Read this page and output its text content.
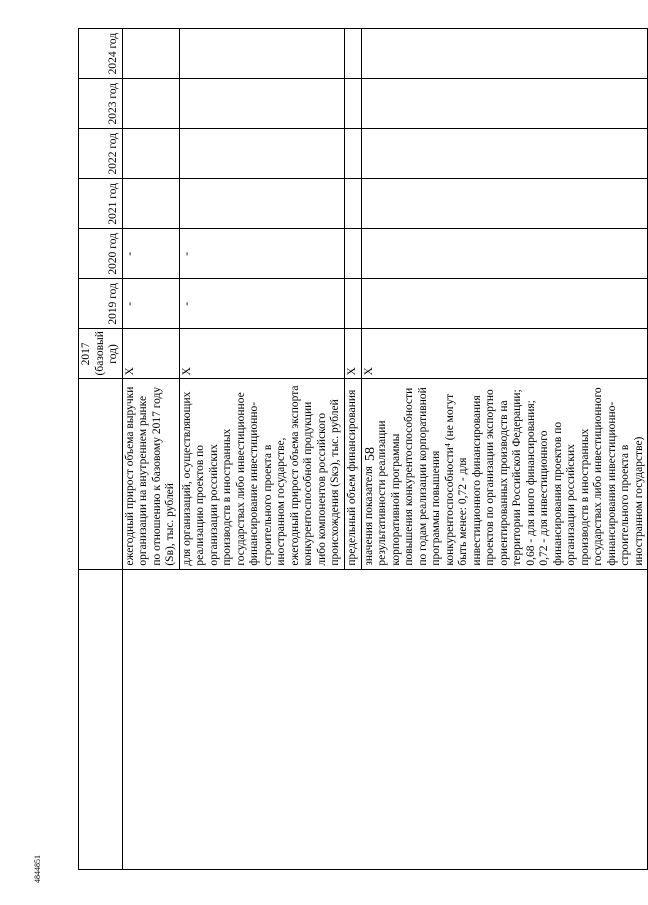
58
4844851
		2017 (базовый год)	2019 год	2020 год	2021 год	2022 год	2023 год	2024 год
	ежегодный прирост объема выручки организации на внутреннем рынке по отношению к базовому 2017 году (Sв), тыс. рублей	X	-	-				
	для организаций, осуществляющих реализацию проектов по организации российских производств в иностранных государствах либо инвестиционное финансирование инвестиционно-строительного проекта в иностранном государстве, ежегодный прирост объема экспорта конкурентоспособной продукции либо компонентов российского происхождения (Sкэ), тыс. рублей	X	-	-				
	предельный объем финансирования	X						
	значения показателя результативности реализации корпоративной программы повышения конкурентоспособности по годам реализации корпоративной программы повышения конкурентоспособности⁴ (не могут быть менее: 0,72 - для инвестиционного финансирования проектов по организации экспортно ориентированных производств на территории Российской Федерации; 0,68 - для иного финансирования; 0,72 - для инвестиционного финансирования проектов по организации российских производств в иностранных государствах либо инвестиционного финансирования инвестиционно-строительного проекта в иностранном государстве)	X						
